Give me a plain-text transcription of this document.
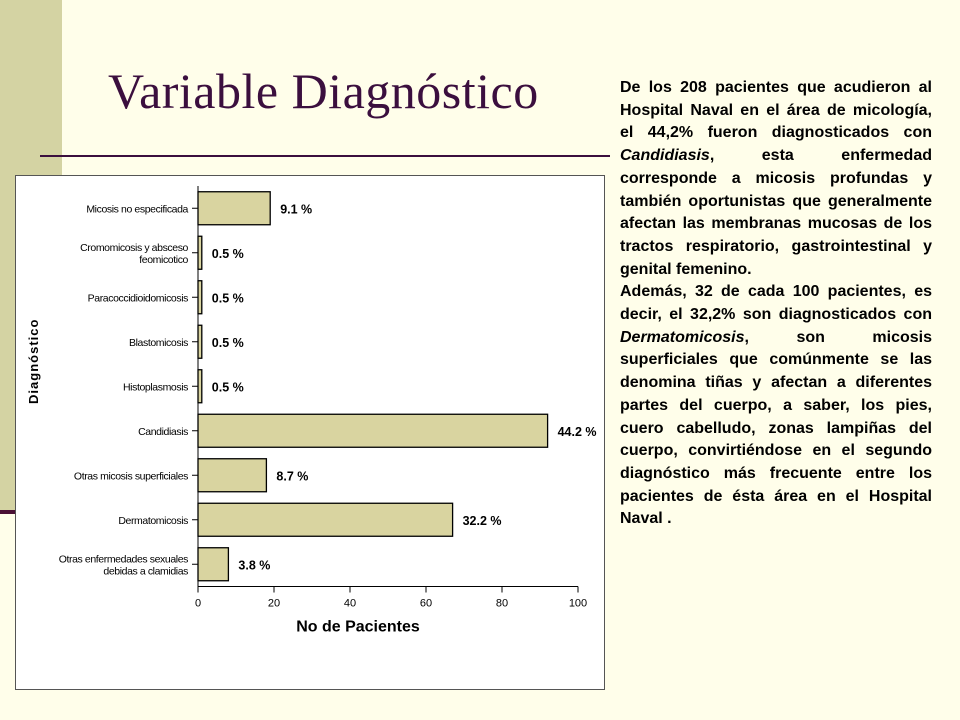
Variable Diagnóstico
Micosis no especificada	9.1 %
Cromomicosis y absceso
feomicotico 0.5 %
Paracoccidioidomicosis 0.5 %
Blastomicosis 0.5 %
Histoplasmosis 0.5 %
Candidiasis	44.2 %
Otras micosis superficiales	8.7 %
Dermatomicosis	32.2 %
Otras enfermedades sexuales
debidas a clamidias	3.8 %
0	20	40	60	80	100
No de Pacientes
Diagnóstico

De los 208 pacientes que acudieron al Hospital Naval en el área de micología, el 44,2% fueron diagnosticados con Candidiasis, esta enfermedad corresponde a micosis profundas y también oportunistas que generalmente afectan las membranas mucosas de los tractos respiratorio, gastrointestinal y genital femenino.

Además, 32 de cada 100 pacientes, es decir, el 32,2% son diagnosticados con Dermatomicosis, son micosis superficiales que comúnmente se las denomina tiñas y afectan a diferentes partes del cuerpo, a saber, los pies, cuero cabelludo, zonas lampiñas del cuerpo, convirtiéndose en el segundo diagnóstico más frecuente entre los pacientes de ésta área en el Hospital Naval .
